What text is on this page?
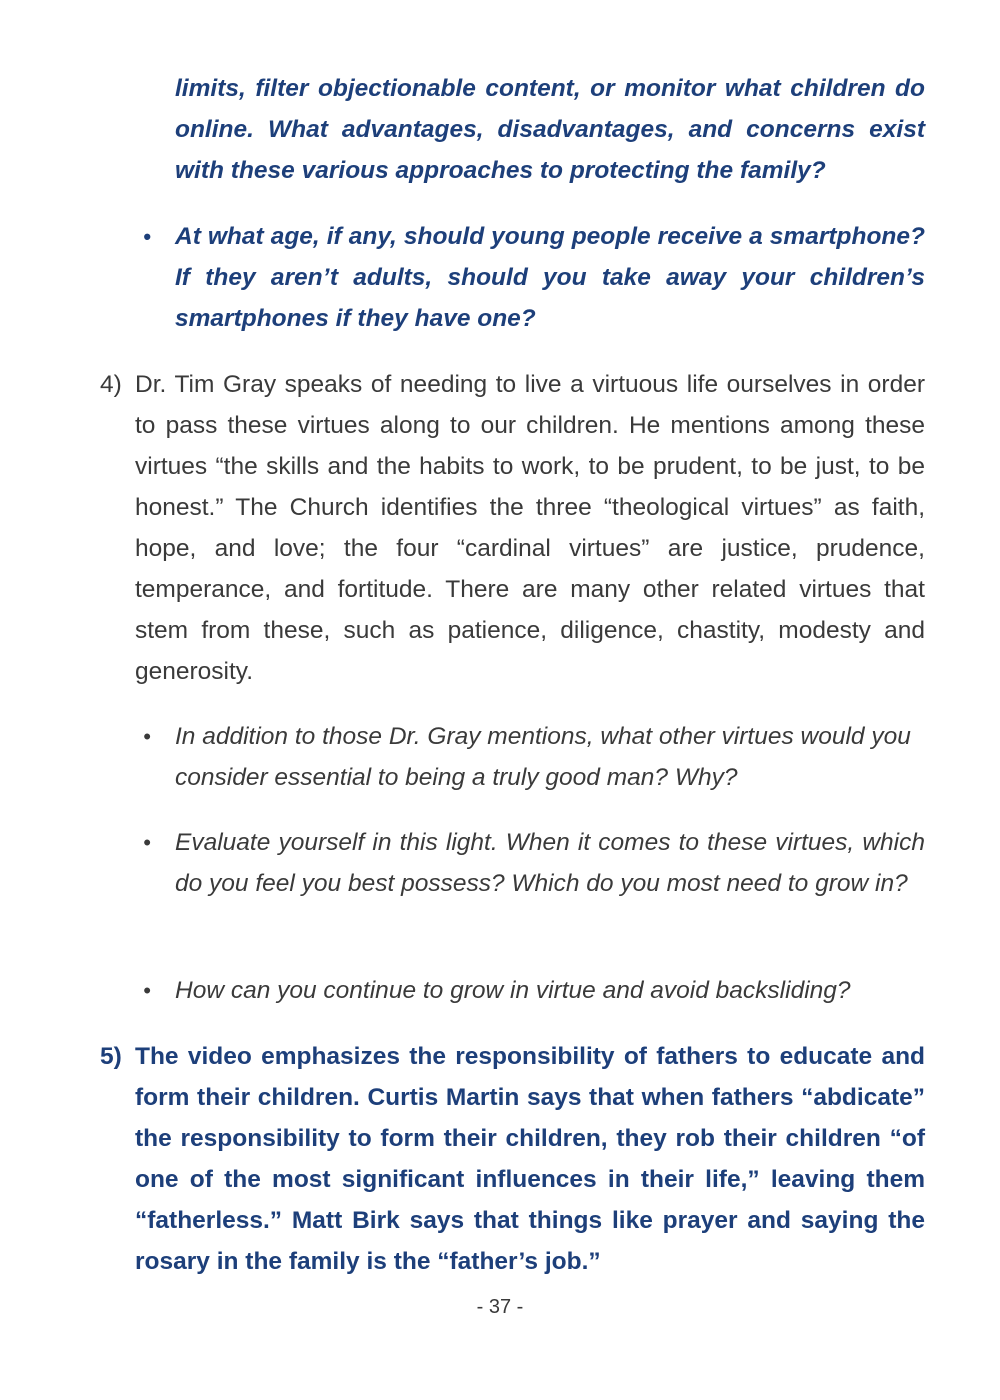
limits, filter objectionable content, or monitor what children do online. What advantages, disadvantages, and concerns exist with these various approaches to protecting the family?

• At what age, if any, should young people receive a smartphone? If they aren’t adults, should you take away your children’s smartphones if they have one?

4) Dr. Tim Gray speaks of needing to live a virtuous life ourselves in order to pass these virtues along to our children. He mentions among these virtues “the skills and the habits to work, to be prudent, to be just, to be honest.” The Church identifies the three “theological virtues” as faith, hope, and love; the four “cardinal virtues” are justice, prudence, temperance, and fortitude. There are many other related virtues that stem from these, such as patience, diligence, chastity, modesty and generosity.
• In addition to those Dr. Gray mentions, what other virtues would you consider essential to being a truly good man? Why?

• Evaluate yourself in this light. When it comes to these virtues, which do you feel you best possess? Which do you most need to grow in?

• How can you continue to grow in virtue and avoid backsliding?

5) The video emphasizes the responsibility of fathers to educate and form their children. Curtis Martin says that when fathers “abdicate” the responsibility to form their children, they rob their children “of one of the most significant influences in their life,” leaving them “fatherless.” Matt Birk says that things like prayer and saying the rosary in the family is the “father’s job.”
- 37 -
